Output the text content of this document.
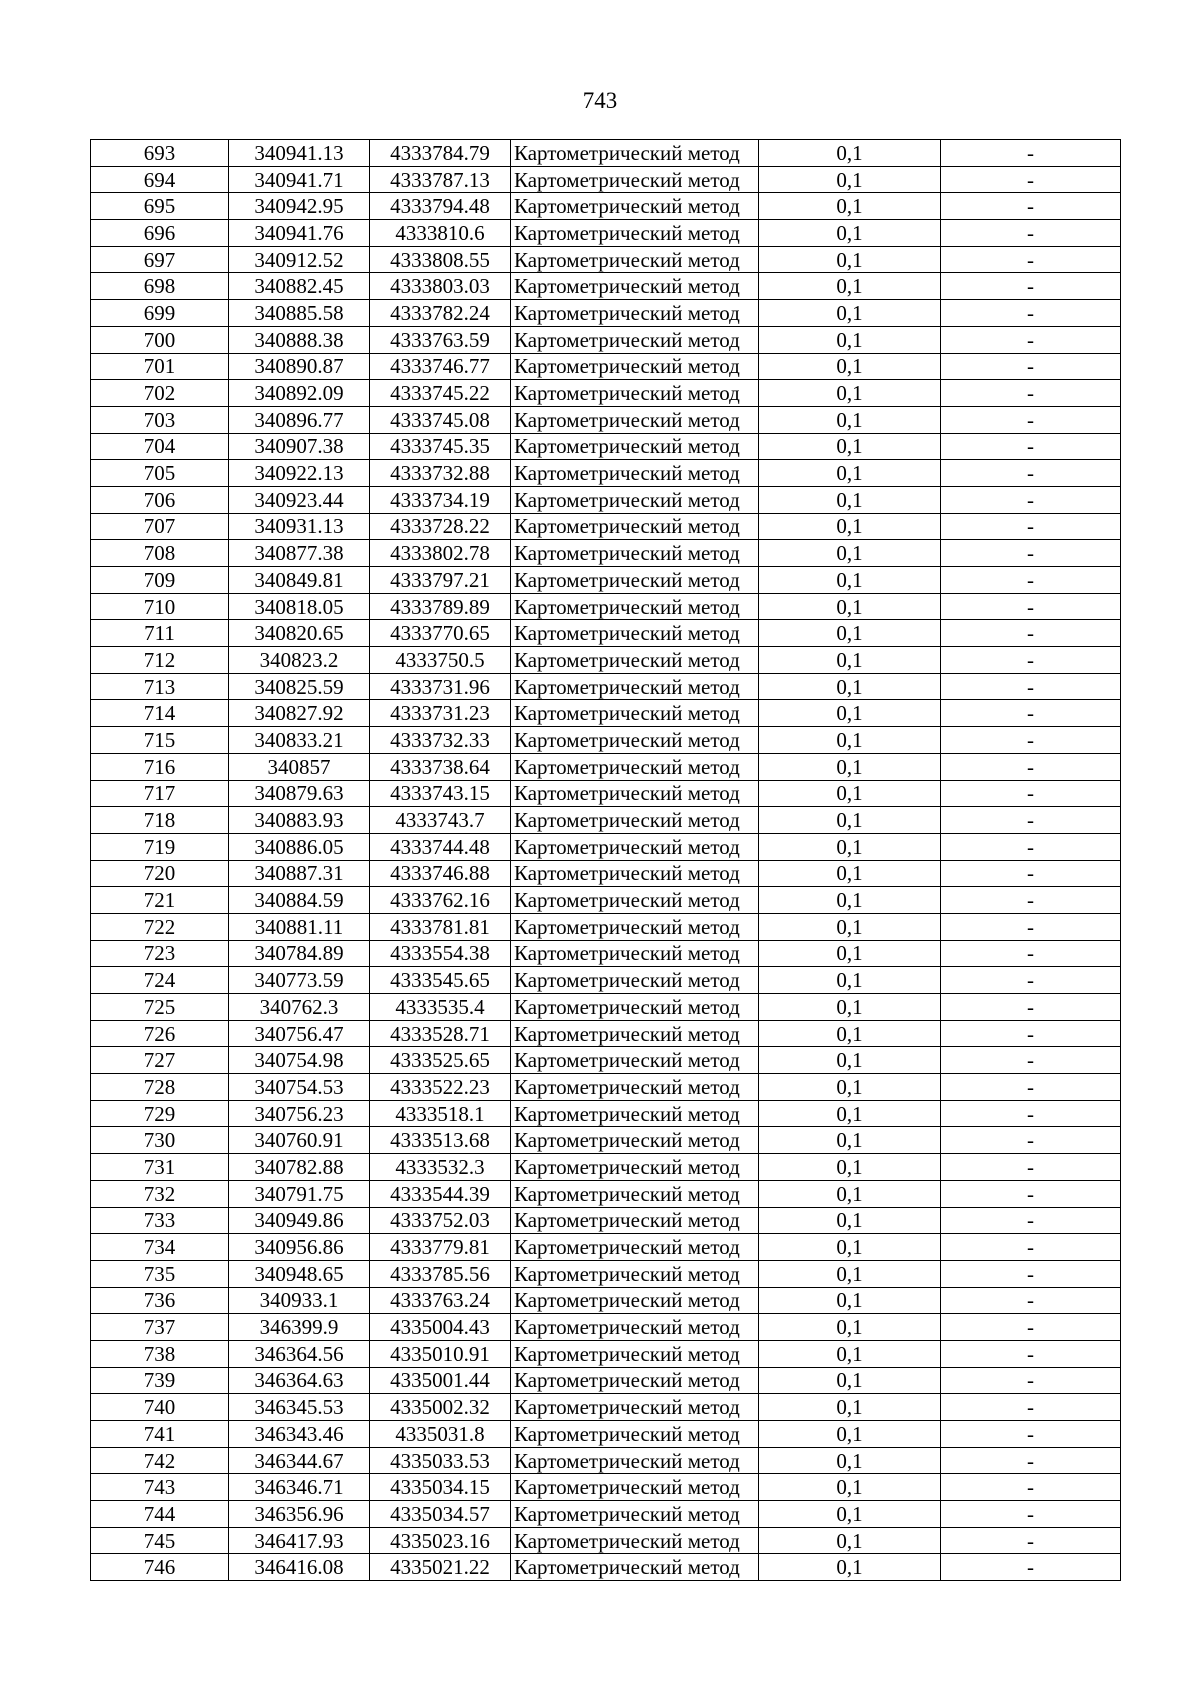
743
693	340941.13	4333784.79	Картометрический метод	0,1	-
694	340941.71	4333787.13	Картометрический метод	0,1	-
695	340942.95	4333794.48	Картометрический метод	0,1	-
696	340941.76	4333810.6	Картометрический метод	0,1	-
697	340912.52	4333808.55	Картометрический метод	0,1	-
698	340882.45	4333803.03	Картометрический метод	0,1	-
699	340885.58	4333782.24	Картометрический метод	0,1	-
700	340888.38	4333763.59	Картометрический метод	0,1	-
701	340890.87	4333746.77	Картометрический метод	0,1	-
702	340892.09	4333745.22	Картометрический метод	0,1	-
703	340896.77	4333745.08	Картометрический метод	0,1	-
704	340907.38	4333745.35	Картометрический метод	0,1	-
705	340922.13	4333732.88	Картометрический метод	0,1	-
706	340923.44	4333734.19	Картометрический метод	0,1	-
707	340931.13	4333728.22	Картометрический метод	0,1	-
708	340877.38	4333802.78	Картометрический метод	0,1	-
709	340849.81	4333797.21	Картометрический метод	0,1	-
710	340818.05	4333789.89	Картометрический метод	0,1	-
711	340820.65	4333770.65	Картометрический метод	0,1	-
712	340823.2	4333750.5	Картометрический метод	0,1	-
713	340825.59	4333731.96	Картометрический метод	0,1	-
714	340827.92	4333731.23	Картометрический метод	0,1	-
715	340833.21	4333732.33	Картометрический метод	0,1	-
716	340857	4333738.64	Картометрический метод	0,1	-
717	340879.63	4333743.15	Картометрический метод	0,1	-
718	340883.93	4333743.7	Картометрический метод	0,1	-
719	340886.05	4333744.48	Картометрический метод	0,1	-
720	340887.31	4333746.88	Картометрический метод	0,1	-
721	340884.59	4333762.16	Картометрический метод	0,1	-
722	340881.11	4333781.81	Картометрический метод	0,1	-
723	340784.89	4333554.38	Картометрический метод	0,1	-
724	340773.59	4333545.65	Картометрический метод	0,1	-
725	340762.3	4333535.4	Картометрический метод	0,1	-
726	340756.47	4333528.71	Картометрический метод	0,1	-
727	340754.98	4333525.65	Картометрический метод	0,1	-
728	340754.53	4333522.23	Картометрический метод	0,1	-
729	340756.23	4333518.1	Картометрический метод	0,1	-
730	340760.91	4333513.68	Картометрический метод	0,1	-
731	340782.88	4333532.3	Картометрический метод	0,1	-
732	340791.75	4333544.39	Картометрический метод	0,1	-
733	340949.86	4333752.03	Картометрический метод	0,1	-
734	340956.86	4333779.81	Картометрический метод	0,1	-
735	340948.65	4333785.56	Картометрический метод	0,1	-
736	340933.1	4333763.24	Картометрический метод	0,1	-
737	346399.9	4335004.43	Картометрический метод	0,1	-
738	346364.56	4335010.91	Картометрический метод	0,1	-
739	346364.63	4335001.44	Картометрический метод	0,1	-
740	346345.53	4335002.32	Картометрический метод	0,1	-
741	346343.46	4335031.8	Картометрический метод	0,1	-
742	346344.67	4335033.53	Картометрический метод	0,1	-
743	346346.71	4335034.15	Картометрический метод	0,1	-
744	346356.96	4335034.57	Картометрический метод	0,1	-
745	346417.93	4335023.16	Картометрический метод	0,1	-
746	346416.08	4335021.22	Картометрический метод	0,1	-
